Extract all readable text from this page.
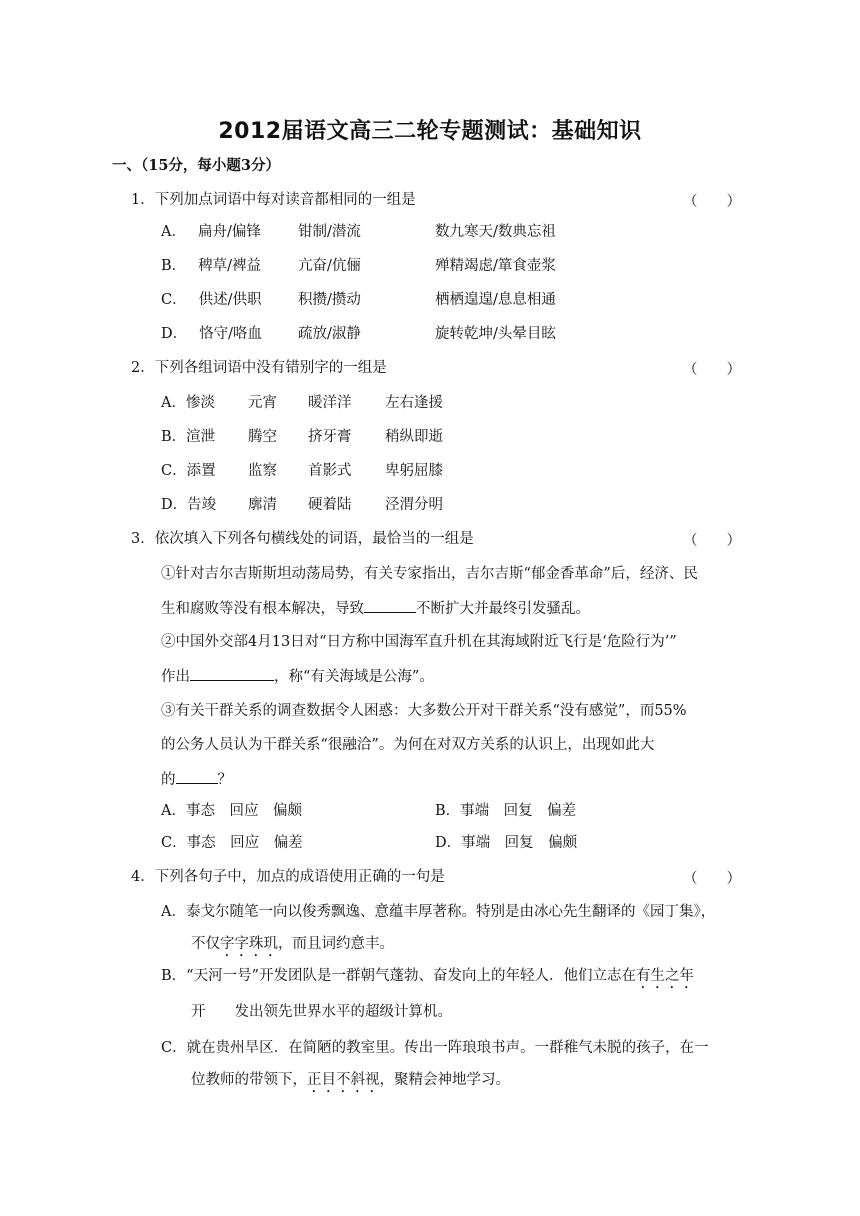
2012届语文高三二轮专题测试：基础知识
一、（15分，每小题3分）
1．下列加点词语中每对读音都相同的一组是	（　　）
A． 扁舟/偏锋	钳制/潜流	数九寒天/数典忘祖
B． 稗草/裨益	亢奋/伉俪	殚精竭虑/箪食壶浆
C． 供述/供职	积攒/攒动	栖栖遑遑/息息相通
D． 恪守/咯血 疏放/淑静	旋转乾坤/头晕目眩
2．下列各组词语中没有错别字的一组是	（　　）
A．惨淡 元宵 暖洋洋 左右逢援
B．渲泄 腾空 挤牙膏 稍纵即逝
C．添置 监察 首影式 卑躬屈膝
D．告竣 廓清 硬着陆 泾渭分明
3．依次填入下列各句横线处的词语，最恰当的一组是	（　　）
①针对吉尔吉斯斯坦动荡局势，有关专家指出，吉尔吉斯“郁金香革命”后，经济、民
生和腐败等没有根本解决，导致	不断扩大并最终引发骚乱。
②中国外交部4月13日对“日方称中国海军直升机在其海域附近飞行是‘危险行为’”
作出	，称“有关海域是公海”。
③有关干群关系的调查数据令人困惑：大多数公开对干群关系“没有感觉”，而55%
的公务人员认为干群关系“很融洽”。为何在对双方关系的认识上，出现如此大
的	？
A．事态　回应　偏颇	B．事端　回复　偏差
C．事态　回应　偏差	D．事端　回复　偏颇
4．下列各句子中，加点的成语使用正确的一句是	（　　）
A．泰戈尔随笔一向以俊秀飘逸、意蕴丰厚著称。特别是由冰心先生翻译的《园丁集》，
不仅字字珠玑，而且词约意丰。
B．“天河一号”开发团队是一群朝气蓬勃、奋发向上的年轻人．他们立志在有生之年
开　　发出领先世界水平的超级计算机。
C．就在贵州旱区．在简陋的教室里。传出一阵琅琅书声。一群稚气未脱的孩子，在一
位教师的带领下，正目不斜视，聚精会神地学习。
